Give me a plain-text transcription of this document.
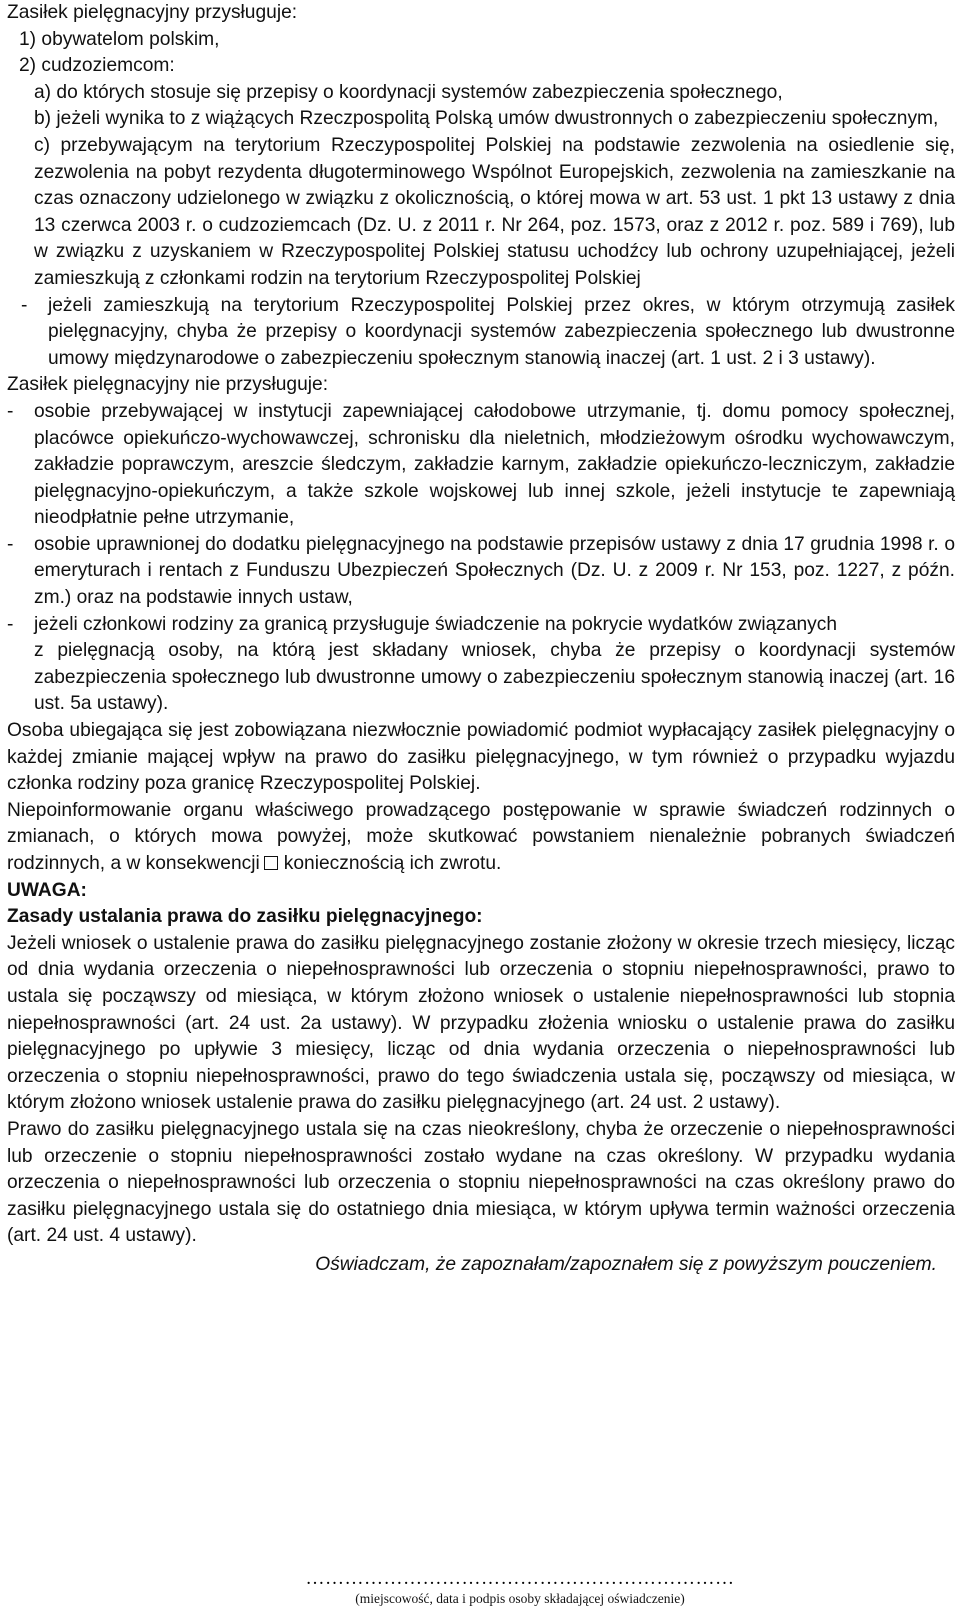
Zasiłek pielęgnacyjny przysługuje:

1) obywatelom polskim,

2) cudzoziemcom:

a) do których stosuje się przepisy o koordynacji systemów zabezpieczenia społecznego,

b) jeżeli wynika to z wiążących Rzeczpospolitą Polską umów dwustronnych o zabezpieczeniu społecznym,

c) przebywającym na terytorium Rzeczypospolitej Polskiej na podstawie zezwolenia na osiedlenie się, zezwolenia na pobyt rezydenta długoterminowego Wspólnot Europejskich, zezwolenia na zamieszkanie na czas oznaczony udzielonego w związku z okolicznością, o której mowa w art. 53 ust. 1 pkt 13 ustawy z dnia 13 czerwca 2003 r. o cudzoziemcach (Dz. U. z 2011 r. Nr 264, poz. 1573, oraz z 2012 r. poz. 589 i 769), lub w związku z uzyskaniem w Rzeczypospolitej Polskiej statusu uchodźcy lub ochrony uzupełniającej, jeżeli zamieszkują z członkami rodzin na terytorium Rzeczypospolitej Polskiej

-	jeżeli zamieszkują na terytorium Rzeczypospolitej Polskiej przez okres, w którym otrzymują zasiłek pielęgnacyjny, chyba że przepisy o koordynacji systemów zabezpieczenia społecznego lub dwustronne umowy międzynarodowe o zabezpieczeniu społecznym stanowią inaczej (art. 1 ust. 2 i 3 ustawy).

Zasiłek pielęgnacyjny nie przysługuje:

-	osobie przebywającej w instytucji zapewniającej całodobowe utrzymanie, tj. domu pomocy społecznej, placówce opiekuńczo-wychowawczej, schronisku dla nieletnich, młodzieżowym ośrodku wychowawczym, zakładzie poprawczym, areszcie śledczym, zakładzie karnym, zakładzie opiekuńczo-leczniczym, zakładzie pielęgnacyjno-opiekuńczym, a także szkole wojskowej lub innej szkole, jeżeli instytucje te zapewniają nieodpłatnie pełne utrzymanie,
-	osobie uprawnionej do dodatku pielęgnacyjnego na podstawie przepisów ustawy z dnia 17 grudnia 1998 r. o emeryturach i rentach z Funduszu Ubezpieczeń Społecznych (Dz. U. z 2009 r. Nr 153, poz. 1227, z późn. zm.) oraz na podstawie innych ustaw,
-	jeżeli członkowi rodziny za granicą przysługuje świadczenie na pokrycie wydatków związanych
z pielęgnacją osoby, na którą jest składany wniosek, chyba że przepisy o koordynacji systemów zabezpieczenia społecznego lub dwustronne umowy o zabezpieczeniu społecznym stanowią inaczej (art. 16 ust. 5a ustawy).

Osoba ubiegająca się jest zobowiązana niezwłocznie powiadomić podmiot wypłacający zasiłek pielęgnacyjny o każdej zmianie mającej wpływ na prawo do zasiłku pielęgnacyjnego, w tym również o przypadku wyjazdu członka rodziny poza granicę Rzeczypospolitej Polskiej.

Niepoinformowanie organu właściwego prowadzącego postępowanie w sprawie świadczeń rodzinnych o zmianach, o których mowa powyżej, może skutkować powstaniem nienależnie pobranych świadczeń rodzinnych, a w konsekwencji koniecznością ich zwrotu.

UWAGA:

Zasady ustalania prawa do zasiłku pielęgnacyjnego:

Jeżeli wniosek o ustalenie prawa do zasiłku pielęgnacyjnego zostanie złożony w okresie trzech miesięcy, licząc od dnia wydania orzeczenia o niepełnosprawności lub orzeczenia o stopniu niepełnosprawności, prawo to ustala się począwszy od miesiąca, w którym złożono wniosek o ustalenie niepełnosprawności lub stopnia niepełnosprawności (art. 24 ust. 2a ustawy). W przypadku złożenia wniosku o ustalenie prawa do zasiłku pielęgnacyjnego po upływie 3 miesięcy, licząc od dnia wydania orzeczenia o niepełnosprawności lub orzeczenia o stopniu niepełnosprawności, prawo do tego świadczenia ustala się, począwszy od miesiąca, w którym złożono wniosek ustalenie prawa do zasiłku pielęgnacyjnego (art. 24 ust. 2 ustawy).

Prawo do zasiłku pielęgnacyjnego ustala się na czas nieokreślony, chyba że orzeczenie o niepełnosprawności lub orzeczenie o stopniu niepełnosprawności zostało wydane na czas określony. W przypadku wydania orzeczenia o niepełnosprawności lub orzeczenia o stopniu niepełnosprawności na czas określony prawo do zasiłku pielęgnacyjnego ustala się do ostatniego dnia miesiąca, w którym upływa termin ważności orzeczenia (art. 24 ust. 4 ustawy).

Oświadczam, że zapoznałam/zapoznałem się z powyższym pouczeniem.

…………………………………………………………
(miejscowość, data i podpis osoby składającej oświadczenie)
